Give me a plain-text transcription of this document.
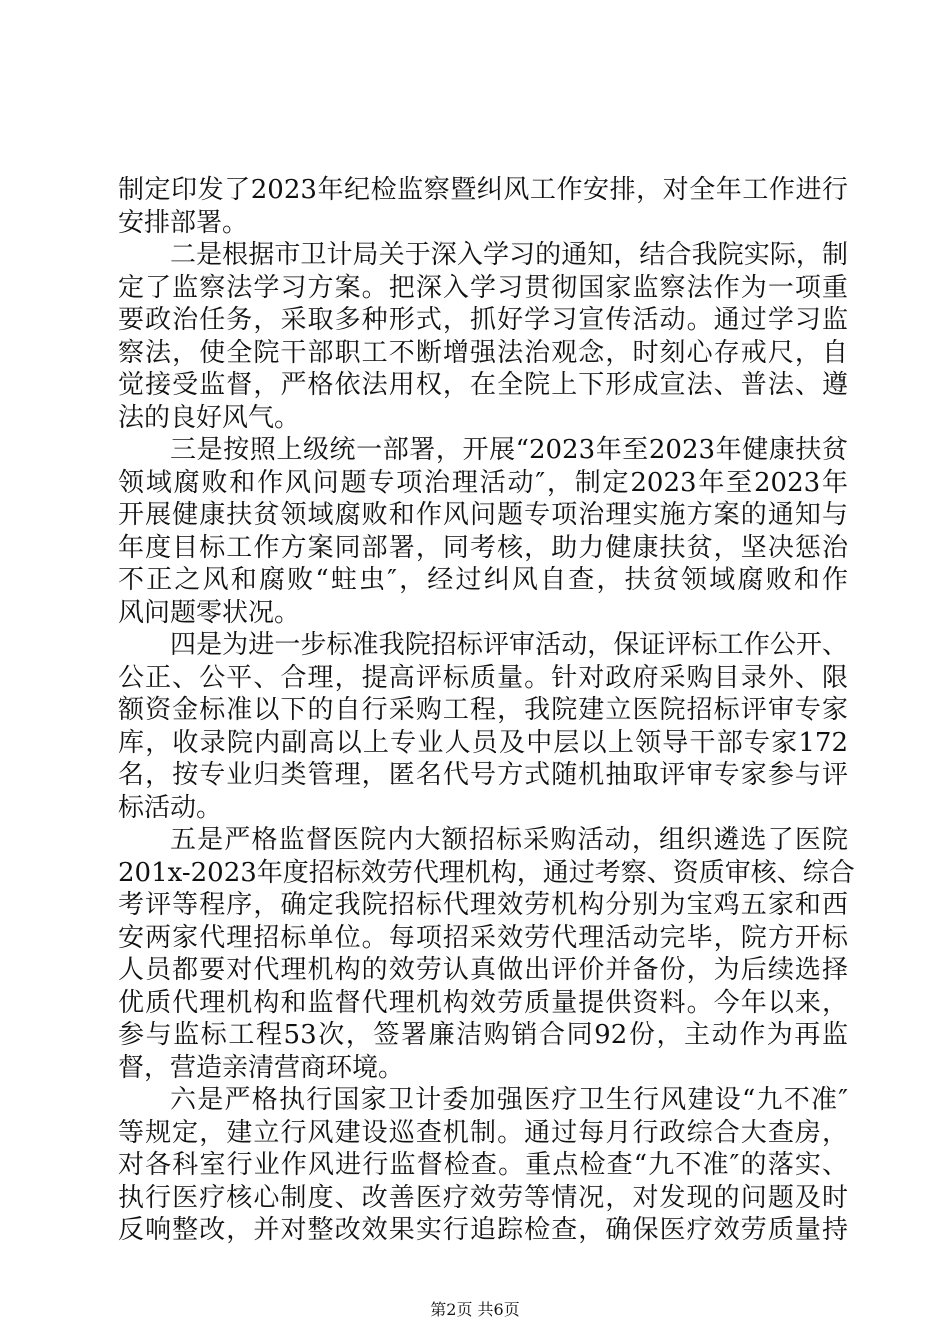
制定印发了2023年纪检监察暨纠风工作安排，对全年工作进行
安排部署。
二是根据市卫计局关于深入学习的通知，结合我院实际，制
定了监察法学习方案。把深入学习贯彻国家监察法作为一项重
要政治任务，采取多种形式，抓好学习宣传活动。通过学习监
察法，使全院干部职工不断增强法治观念，时刻心存戒尺，自
觉接受监督，严格依法用权，在全院上下形成宣法、普法、遵
法的良好风气。
三是按照上级统一部署，开展“2023年至2023年健康扶贫
领域腐败和作风问题专项治理活动″，制定2023年至2023年
开展健康扶贫领域腐败和作风问题专项治理实施方案的通知与
年度目标工作方案同部署，同考核，助力健康扶贫，坚决惩治
不正之风和腐败“蛀虫″，经过纠风自查，扶贫领域腐败和作
风问题零状况。
四是为进一步标准我院招标评审活动，保证评标工作公开、
公正、公平、合理，提高评标质量。针对政府采购目录外、限
额资金标准以下的自行采购工程，我院建立医院招标评审专家
库，收录院内副高以上专业人员及中层以上领导干部专家172
名，按专业归类管理，匿名代号方式随机抽取评审专家参与评
标活动。
五是严格监督医院内大额招标采购活动，组织遴选了医院
201x-2023年度招标效劳代理机构，通过考察、资质审核、综合
考评等程序，确定我院招标代理效劳机构分别为宝鸡五家和西
安两家代理招标单位。每项招采效劳代理活动完毕，院方开标
人员都要对代理机构的效劳认真做出评价并备份，为后续选择
优质代理机构和监督代理机构效劳质量提供资料。今年以来，
参与监标工程53次，签署廉洁购销合同92份，主动作为再监
督，营造亲清营商环境。
六是严格执行国家卫计委加强医疗卫生行风建设“九不准″
等规定，建立行风建设巡查机制。通过每月行政综合大查房，
对各科室行业作风进行监督检查。重点检查“九不准″的落实、
执行医疗核心制度、改善医疗效劳等情况，对发现的问题及时
反响整改，并对整改效果实行追踪检查，确保医疗效劳质量持
第2页 共6页
